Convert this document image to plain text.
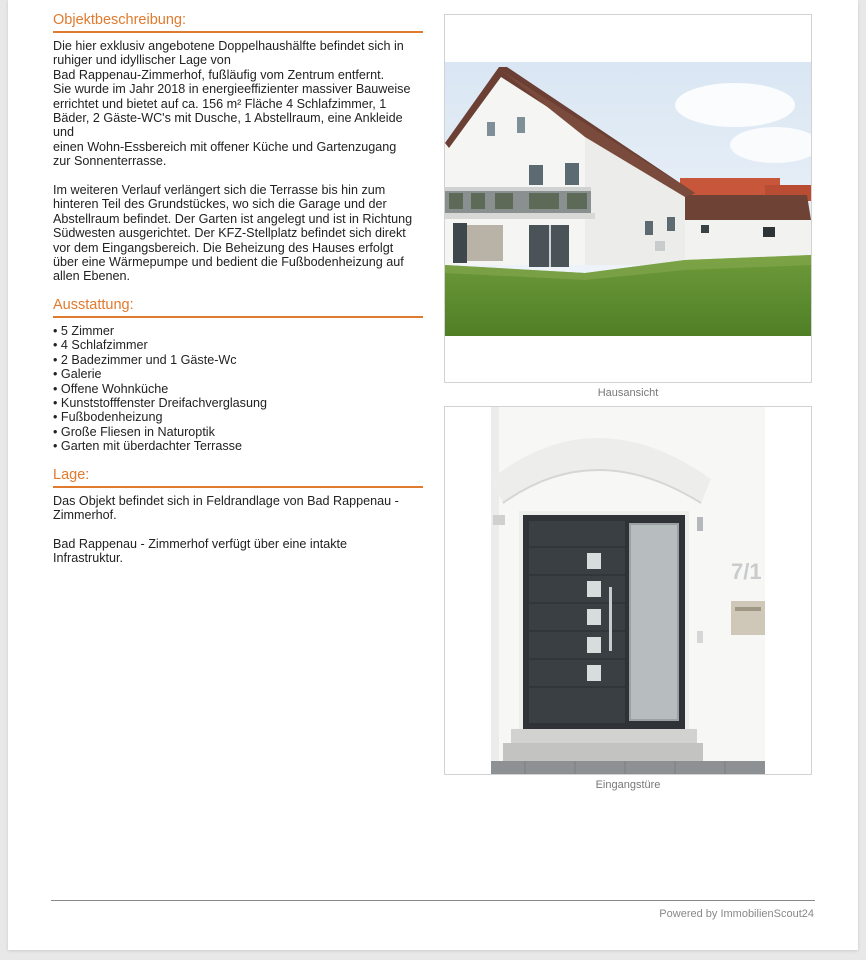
Objektbeschreibung:

Die hier exklusiv angebotene Doppelhaushälfte befindet sich in
ruhiger und idyllischer Lage von
Bad Rappenau-Zimmerhof, fußläufig vom Zentrum entfernt.
Sie wurde im Jahr 2018 in energieeffizienter massiver Bauweise
errichtet und bietet auf ca. 156 m² Fläche 4 Schlafzimmer, 1
Bäder, 2 Gäste-WC's mit Dusche, 1 Abstellraum, eine Ankleide und
einen Wohn-Essbereich mit offener Küche und Gartenzugang
zur Sonnenterrasse.

Im weiteren Verlauf verlängert sich die Terrasse bis hin zum
hinteren Teil des Grundstückes, wo sich die Garage und der
Abstellraum befindet. Der Garten ist angelegt und ist in Richtung
Südwesten ausgerichtet. Der KFZ-Stellplatz befindet sich direkt
vor dem Eingangsbereich. Die Beheizung des Hauses erfolgt
über eine Wärmepumpe und bedient die Fußbodenheizung auf
allen Ebenen.

Ausstattung:
• 5 Zimmer
• 4 Schlafzimmer
• 2 Badezimmer und 1 Gäste-Wc
• Galerie
• Offene Wohnküche
• Kunststofffenster Dreifachverglasung
• Fußbodenheizung
• Große Fliesen in Naturoptik
• Garten mit überdachter Terrasse
Lage:

Das Objekt befindet sich in Feldrandlage von Bad Rappenau -
Zimmerhof.

Bad Rappenau - Zimmerhof verfügt über eine intakte
Infrastruktur.

Hausansicht
7/1
Eingangstüre
Powered by ImmobilienScout24
